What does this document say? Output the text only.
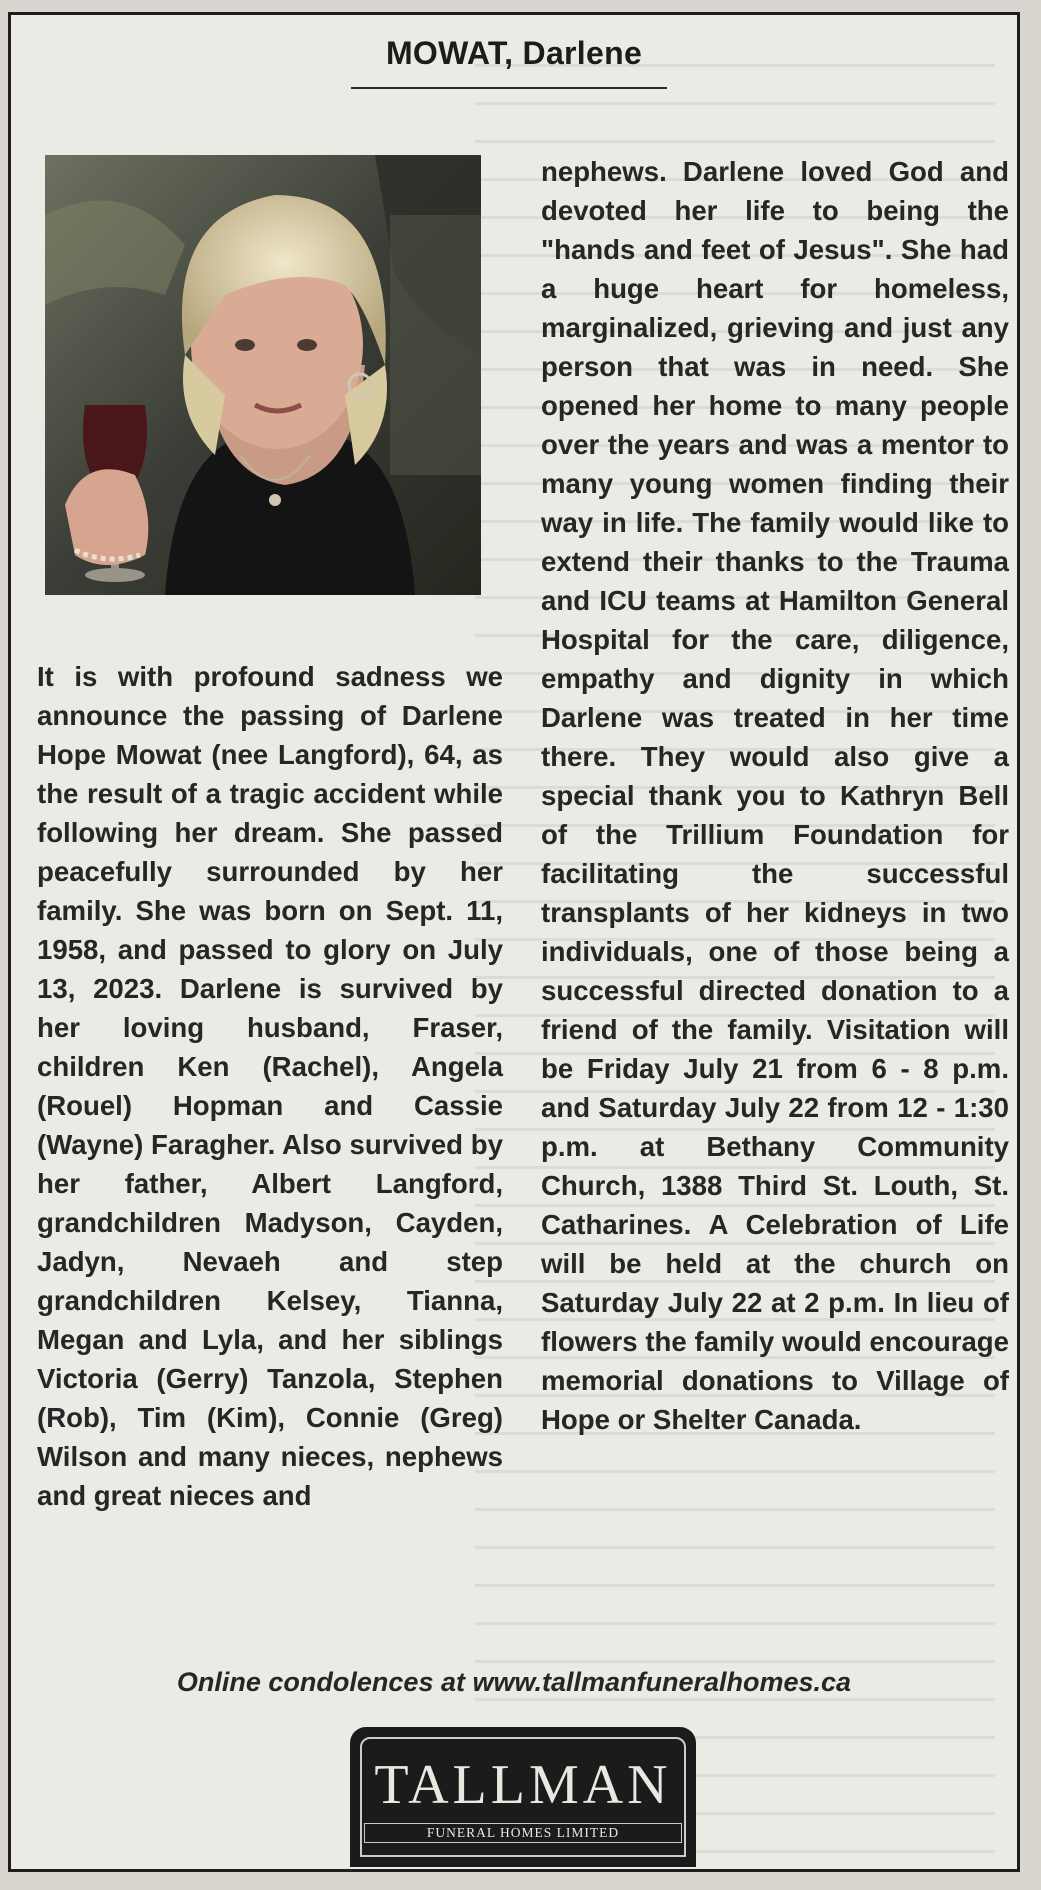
MOWAT, Darlene
nephews. Darlene loved God and devoted her life to being the "hands and feet of Jesus". She had a huge heart for homeless, marginalized, grieving and just any person that was in need. She opened her home to many people over the years and was a mentor to many young women finding their way in life. The family would like to extend their thanks to the Trauma and ICU teams at Hamilton General Hospital for the care, diligence, empathy and dignity in which Darlene was treated in her time there. They would also give a special thank you to Kathryn Bell of the Trillium Foundation for facilitating the successful transplants of her kidneys in two individuals, one of those being a successful directed donation to a friend of the family. Visitation will be Friday July 21 from 6 - 8 p.m. and Saturday July 22 from 12 - 1:30 p.m. at Bethany Community Church, 1388 Third St. Louth, St. Catharines. A Celebration of Life will be held at the church on Saturday July 22 at 2 p.m. In lieu of flowers the family would encourage memorial donations to Village of Hope or Shelter Canada.
It is with profound sadness we announce the passing of Darlene Hope Mowat (nee Langford), 64, as the result of a tragic accident while following her dream. She passed peacefully surrounded by her family. She was born on Sept. 11, 1958, and passed to glory on July 13, 2023. Darlene is survived by her loving husband, Fraser, children Ken (Rachel), Angela (Rouel) Hopman and Cassie (Wayne) Faragher. Also survived by her father, Albert Langford, grandchildren Madyson, Cayden, Jadyn, Nevaeh and step grandchildren Kelsey, Tianna, Megan and Lyla, and her siblings Victoria (Gerry) Tanzola, Stephen (Rob), Tim (Kim), Connie (Greg) Wilson and many nieces, nephews and great nieces and
Online condolences at www.tallmanfuneralhomes.ca
TALLMAN
FUNERAL HOMES LIMITED
